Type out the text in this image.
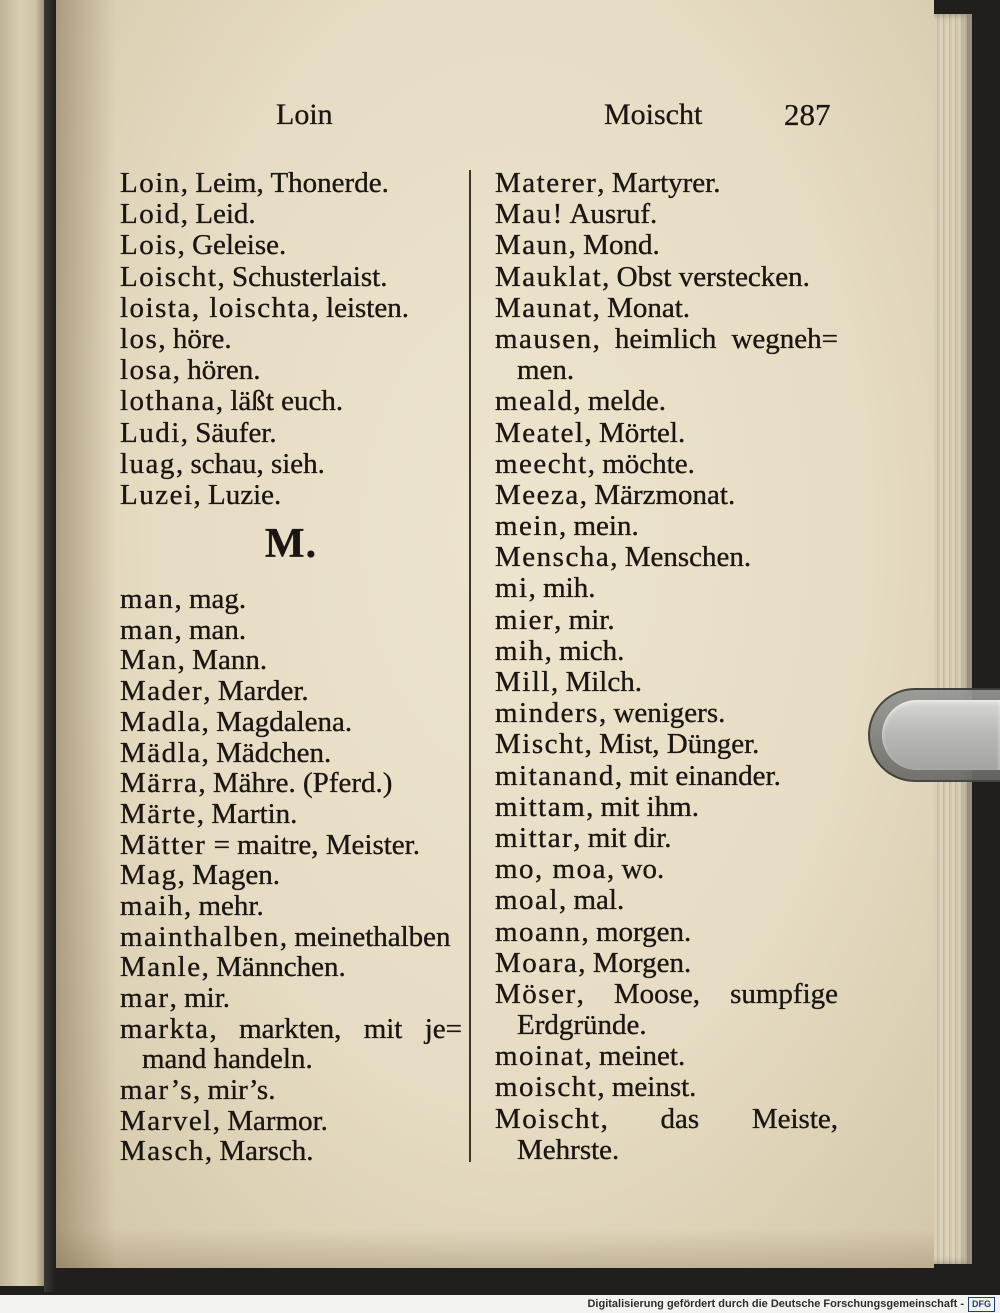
Loin	Moischt	287
Loin, Leim, Thonerde.
Loid, Leid.
Lois, Geleise.
Loischt, Schusterlaist.
loista, loischta, leisten.
los, höre.
losa, hören.
lothana, läßt euch.
Ludi, Säufer.
luag, schau, sieh.
Luzei, Luzie.
M.
man, mag.
man, man.
Man, Mann.
Mader, Marder.
Madla, Magdalena.
Mädla, Mädchen.
Märra, Mähre. (Pferd.)
Märte, Martin.
Mätter = maitre, Meister.
Mag, Magen.
maih, mehr.
mainthalben, meinethalben
Manle, Männchen.
mar, mir.
markta, markten, mit je=
mand handeln.
mar’s, mir’s.
Marvel, Marmor.
Masch, Marsch.
Materer, Martyrer.
Mau! Ausruf.
Maun, Mond.
Mauklat, Obst verstecken.
Maunat, Monat.
mausen, heimlich wegneh=
men.
meald, melde.
Meatel, Mörtel.
meecht, möchte.
Meeza, Märzmonat.
mein, mein.
Menscha, Menschen.
mi, mih.
mier, mir.
mih, mich.
Mill, Milch.
minders, wenigers.
Mischt, Mist, Dünger.
mitanand, mit einander.
mittam, mit ihm.
mittar, mit dir.
mo, moa, wo.
moal, mal.
moann, morgen.
Moara, Morgen.
Möser, Moose, sumpfige
Erdgründe.
moinat, meinet.
moischt, meinst.
Moischt, das Meiste,
Mehrste.
Digitalisierung gefördert durch die Deutsche Forschungsgemeinschaft - DFG
